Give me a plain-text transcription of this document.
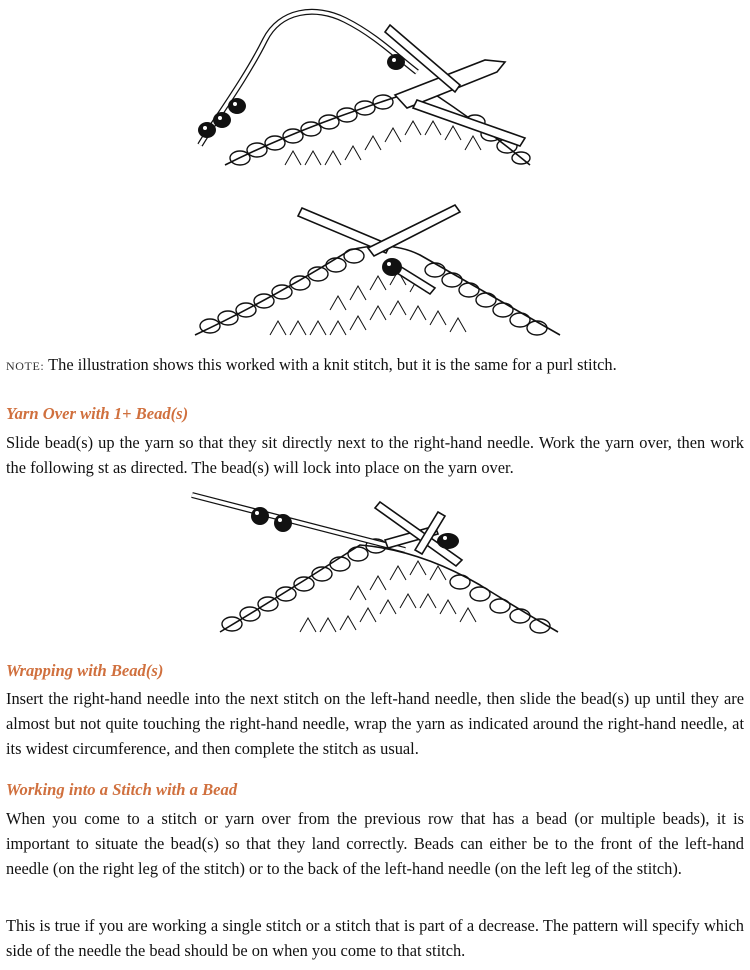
NOTE: The illustration shows this worked with a knit stitch, but it is the same for a purl stitch.

Yarn Over with 1+ Bead(s)

Slide bead(s) up the yarn so that they sit directly next to the right-hand needle. Work the yarn over, then work the following st as directed. The bead(s) will lock into place on the yarn over.

Wrapping with Bead(s)

Insert the right-hand needle into the next stitch on the left-hand needle, then slide the bead(s) up until they are almost but not quite touching the right-hand needle, wrap the yarn as indicated around the right-hand needle, at its widest circumference, and then complete the stitch as usual.

Working into a Stitch with a Bead

When you come to a stitch or yarn over from the previous row that has a bead (or multiple beads), it is important to situate the bead(s) so that they land correctly. Beads can either be to the front of the left-hand needle (on the right leg of the stitch) or to the back of the left-hand needle (on the left leg of the stitch).

This is true if you are working a single stitch or a stitch that is part of a decrease. The pattern will specify which side of the needle the bead should be on when you come to that stitch.
